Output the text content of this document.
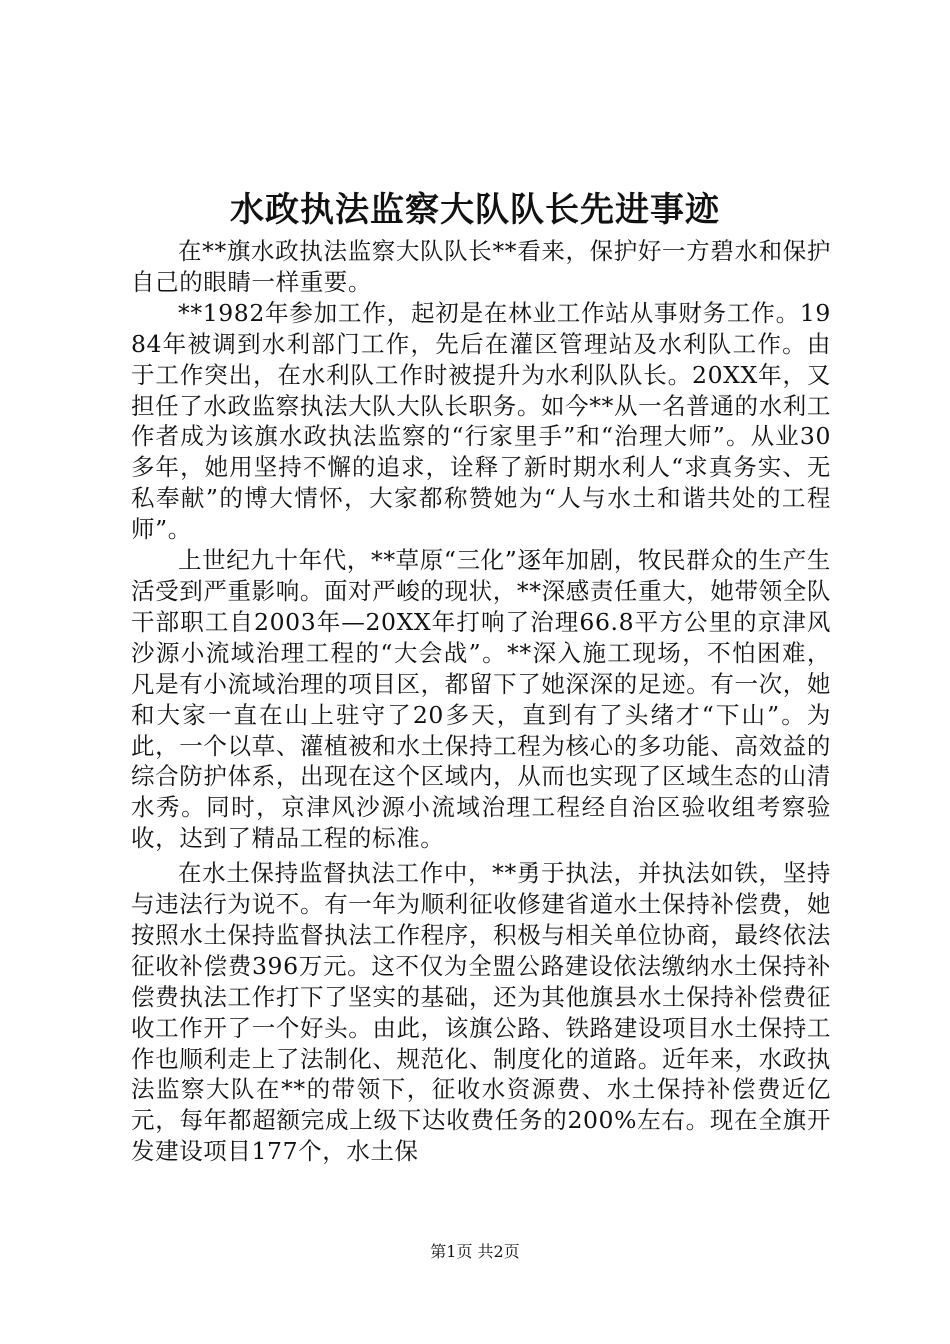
水政执法监察大队队长先进事迹

在**旗水政执法监察大队队长**看来，保护好一方碧水和保护自己的眼睛一样重要。

**1982年参加工作，起初是在林业工作站从事财务工作。1984年被调到水利部门工作，先后在灌区管理站及水利队工作。由于工作突出，在水利队工作时被提升为水利队队长。20XX年，又担任了水政监察执法大队大队长职务。如今**从一名普通的水利工作者成为该旗水政执法监察的“行家里手”和“治理大师”。从业30多年，她用坚持不懈的追求，诠释了新时期水利人“求真务实、无私奉献”的博大情怀，大家都称赞她为“人与水土和谐共处的工程师”。

上世纪九十年代，**草原“三化”逐年加剧，牧民群众的生产生活受到严重影响。面对严峻的现状，**深感责任重大，她带领全队干部职工自2003年—20XX年打响了治理66.8平方公里的京津风沙源小流域治理工程的“大会战”。**深入施工现场，不怕困难，凡是有小流域治理的项目区，都留下了她深深的足迹。有一次，她和大家一直在山上驻守了20多天，直到有了头绪才“下山”。为此，一个以草、灌植被和水土保持工程为核心的多功能、高效益的综合防护体系，出现在这个区域内，从而也实现了区域生态的山清水秀。同时，京津风沙源小流域治理工程经自治区验收组考察验收，达到了精品工程的标准。

在水土保持监督执法工作中，**勇于执法，并执法如铁，坚持与违法行为说不。有一年为顺利征收修建省道水土保持补偿费，她按照水土保持监督执法工作程序，积极与相关单位协商，最终依法征收补偿费396万元。这不仅为全盟公路建设依法缴纳水土保持补偿费执法工作打下了坚实的基础，还为其他旗县水土保持补偿费征收工作开了一个好头。由此，该旗公路、铁路建设项目水土保持工作也顺利走上了法制化、规范化、制度化的道路。近年来，水政执法监察大队在**的带领下，征收水资源费、水土保持补偿费近亿元，每年都超额完成上级下达收费任务的200%左右。现在全旗开发建设项目177个，水土保

第1页 共2页
